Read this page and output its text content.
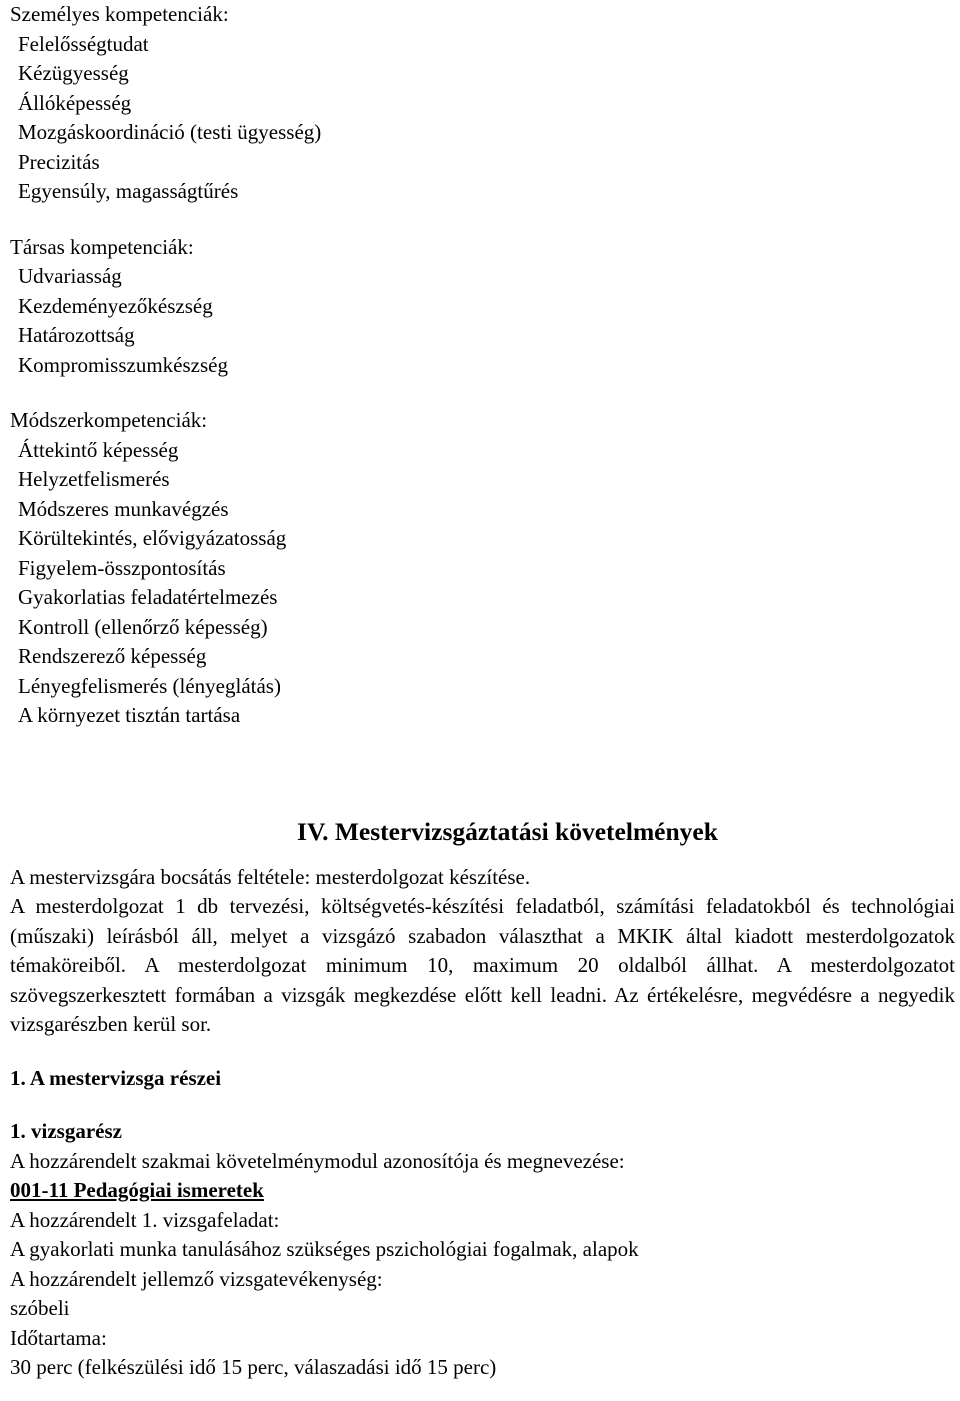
Személyes kompetenciák:

Felelősségtudat
Kézügyesség
Állóképesség
Mozgáskoordináció (testi ügyesség)
Precizitás
Egyensúly, magasságtűrés

Társas kompetenciák:

Udvariasság
Kezdeményezőkészség
Határozottság
Kompromisszumkészség

Módszerkompetenciák:

Áttekintő képesség
Helyzetfelismerés
Módszeres munkavégzés
Körültekintés, elővigyázatosság
Figyelem-összpontosítás
Gyakorlatias feladatértelmezés
Kontroll (ellenőrző képesség)
Rendszerező képesség
Lényegfelismerés (lényeglátás)
A környezet tisztán tartása
IV. Mestervizsgáztatási követelmények

A mestervizsgára bocsátás feltétele: mesterdolgozat készítése.

A mesterdolgozat 1 db tervezési, költségvetés-készítési feladatból, számítási feladatokból és technológiai (műszaki) leírásból áll, melyet a vizsgázó szabadon választhat a MKIK által kiadott mesterdolgozatok témaköreiből. A mesterdolgozat minimum 10, maximum 20 oldalból állhat. A mesterdolgozatot szövegszerkesztett formában a vizsgák megkezdése előtt kell leadni. Az értékelésre, megvédésre a negyedik vizsgarészben kerül sor.

1. A mestervizsga részei

1. vizsgarész

A hozzárendelt szakmai követelménymodul azonosítója és megnevezése:

001-11 Pedagógiai ismeretek

A hozzárendelt 1. vizsgafeladat:

A gyakorlati munka tanulásához szükséges pszichológiai fogalmak, alapok

A hozzárendelt jellemző vizsgatevékenység:

szóbeli

Időtartama:

30 perc (felkészülési idő 15 perc, válaszadási idő 15 perc)
